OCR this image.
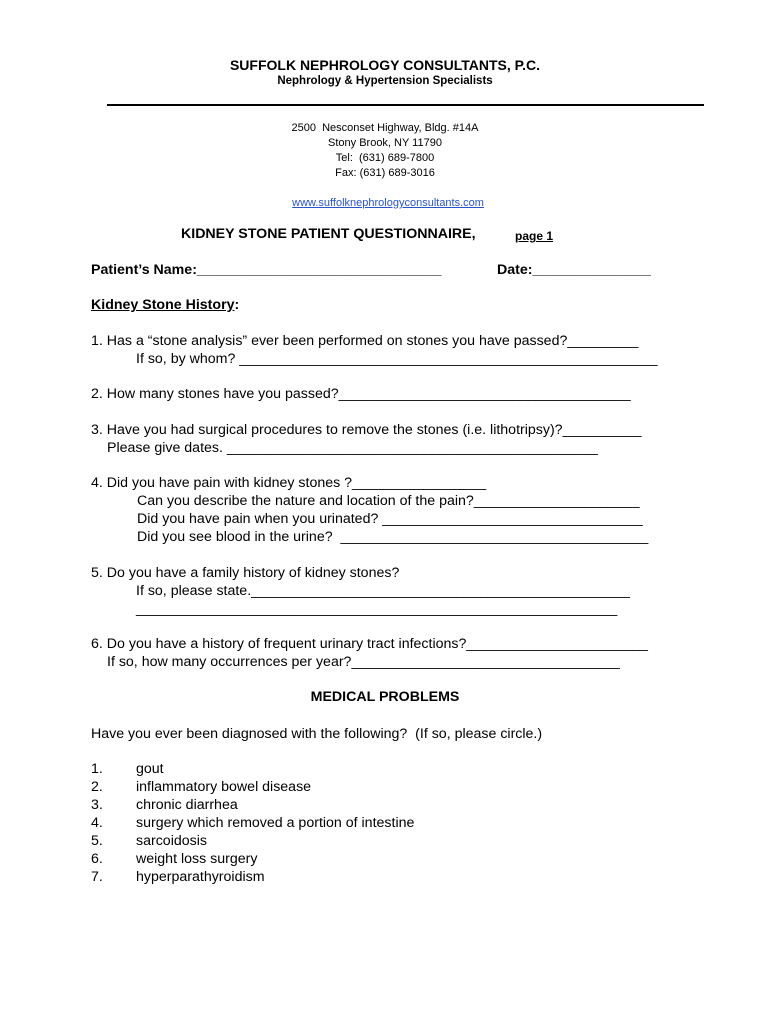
SUFFOLK NEPHROLOGY CONSULTANTS, P.C.
Nephrology & Hypertension Specialists
2500  Nesconset Highway, Bldg. #14A
Stony Brook, NY 11790
Tel:  (631) 689-7800
Fax: (631) 689-3016

www.suffolknephrologyconsultants.com

KIDNEY STONE PATIENT QUESTIONNAIRE,	page 1
Patient’s Name:_______________________________	Date:_______________
Kidney Stone History:
1. Has a “stone analysis” ever been performed on stones you have passed?_________
If so, by whom? _____________________________________________________
2. How many stones have you passed?_____________________________________
3. Have you had surgical procedures to remove the stones (i.e. lithotripsy)?__________
Please give dates. _______________________________________________
4. Did you have pain with kidney stones ?_________________
Can you describe the nature and location of the pain?_____________________
Did you have pain when you urinated? _________________________________
Did you see blood in the urine?  _______________________________________
5. Do you have a family history of kidney stones?
If so, please state.________________________________________________
_____________________________________________________________
6. Do you have a history of frequent urinary tract infections?_______________________
If so, how many occurrences per year?__________________________________
MEDICAL PROBLEMS
Have you ever been diagnosed with the following?  (If so, please circle.)
1. gout
2. inflammatory bowel disease
3. chronic diarrhea
4. surgery which removed a portion of intestine
5. sarcoidosis
6. weight loss surgery
7. hyperparathyroidism
